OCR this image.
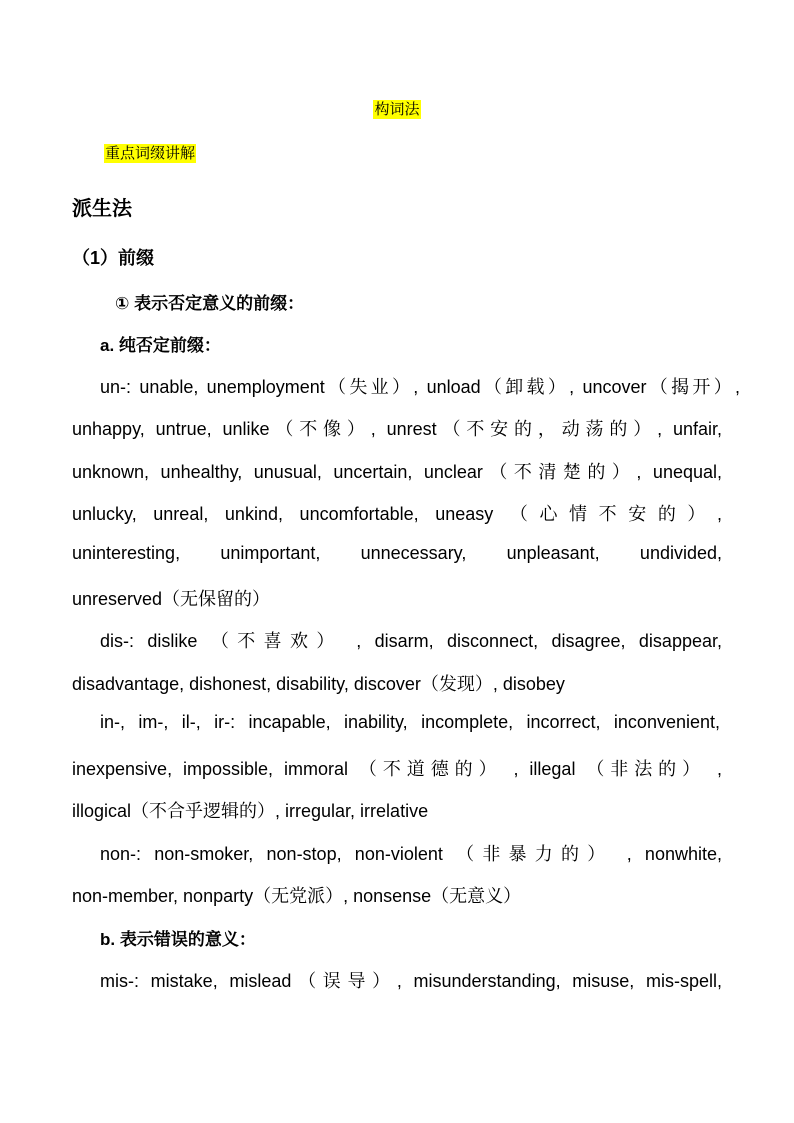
构词法
重点词缀讲解
派生法
（1）前缀
① 表示否定意义的前缀：
a. 纯否定前缀：
un-: unable, unemployment（失业）, unload（卸载）, uncover（揭开）,
unhappy, untrue, unlike（不像）, unrest（不安的，动荡的）, unfair,
unknown, unhealthy, unusual, uncertain, unclear（不清楚的）, unequal,
unlucky, unreal, unkind, uncomfortable, uneasy （心情不安的）,
uninteresting, unimportant, unnecessary, unpleasant, undivided,
unreserved（无保留的）
dis-: dislike （不喜欢） , disarm, disconnect, disagree, disappear,
disadvantage, dishonest, disability, discover（发现）, disobey
in-, im-, il-, ir-: incapable, inability, incomplete, incorrect, inconvenient,
inexpensive, impossible, immoral （不道德的） , illegal （非法的） ,
illogical（不合乎逻辑的）, irregular, irrelative
non-: non-smoker, non-stop, non-violent （非暴力的） , nonwhite,
non-member, nonparty（无党派）, nonsense（无意义）
b. 表示错误的意义：
mis-: mistake, mislead（误导）, misunderstanding, misuse, mis-spell,
